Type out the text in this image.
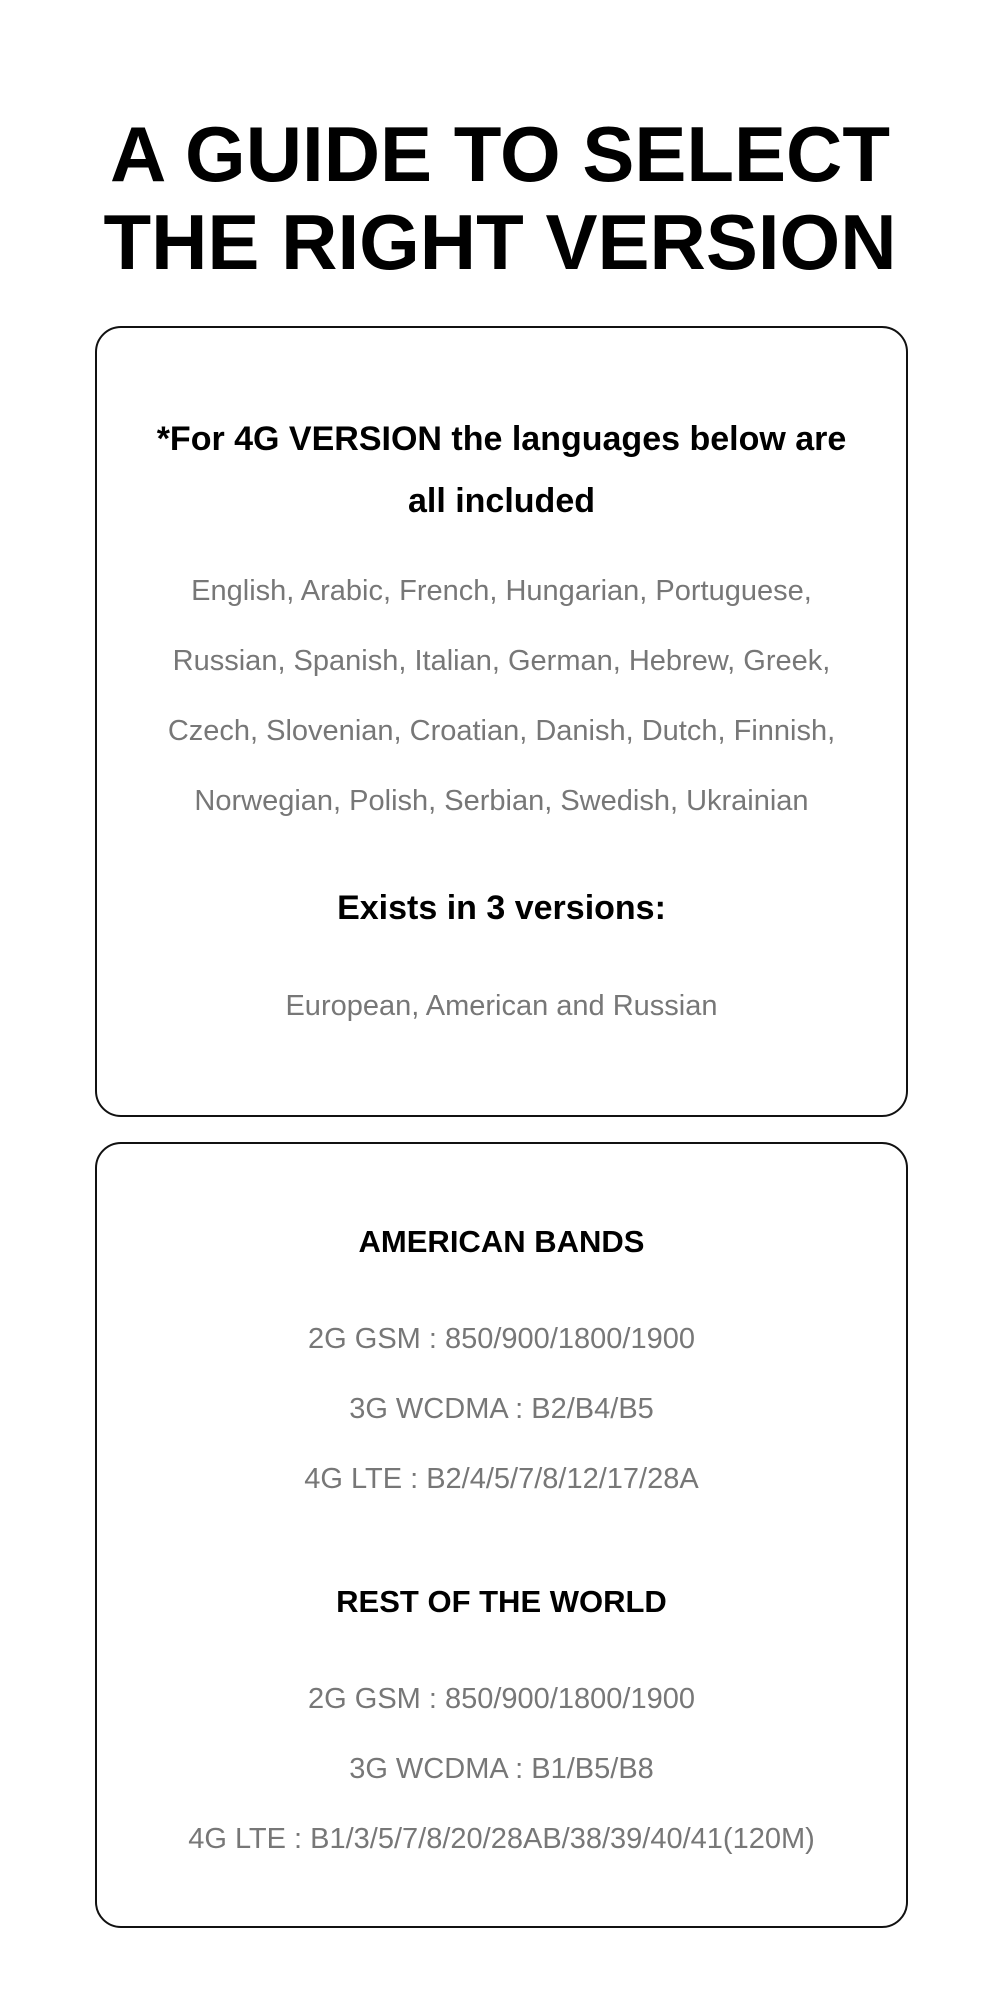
A GUIDE TO SELECT
THE RIGHT VERSION
*For 4G VERSION the languages below are
all included
English, Arabic, French, Hungarian, Portuguese,
Russian, Spanish, Italian, German, Hebrew, Greek,
Czech, Slovenian, Croatian, Danish, Dutch, Finnish,
Norwegian, Polish, Serbian, Swedish, Ukrainian
Exists in 3 versions:

European, American and Russian

AMERICAN BANDS

2G GSM : 850/900/1800/1900

3G WCDMA : B2/B4/B5

4G LTE : B2/4/5/7/8/12/17/28A

REST OF THE WORLD

2G GSM : 850/900/1800/1900

3G WCDMA : B1/B5/B8

4G LTE : B1/3/5/7/8/20/28AB/38/39/40/41(120M)
